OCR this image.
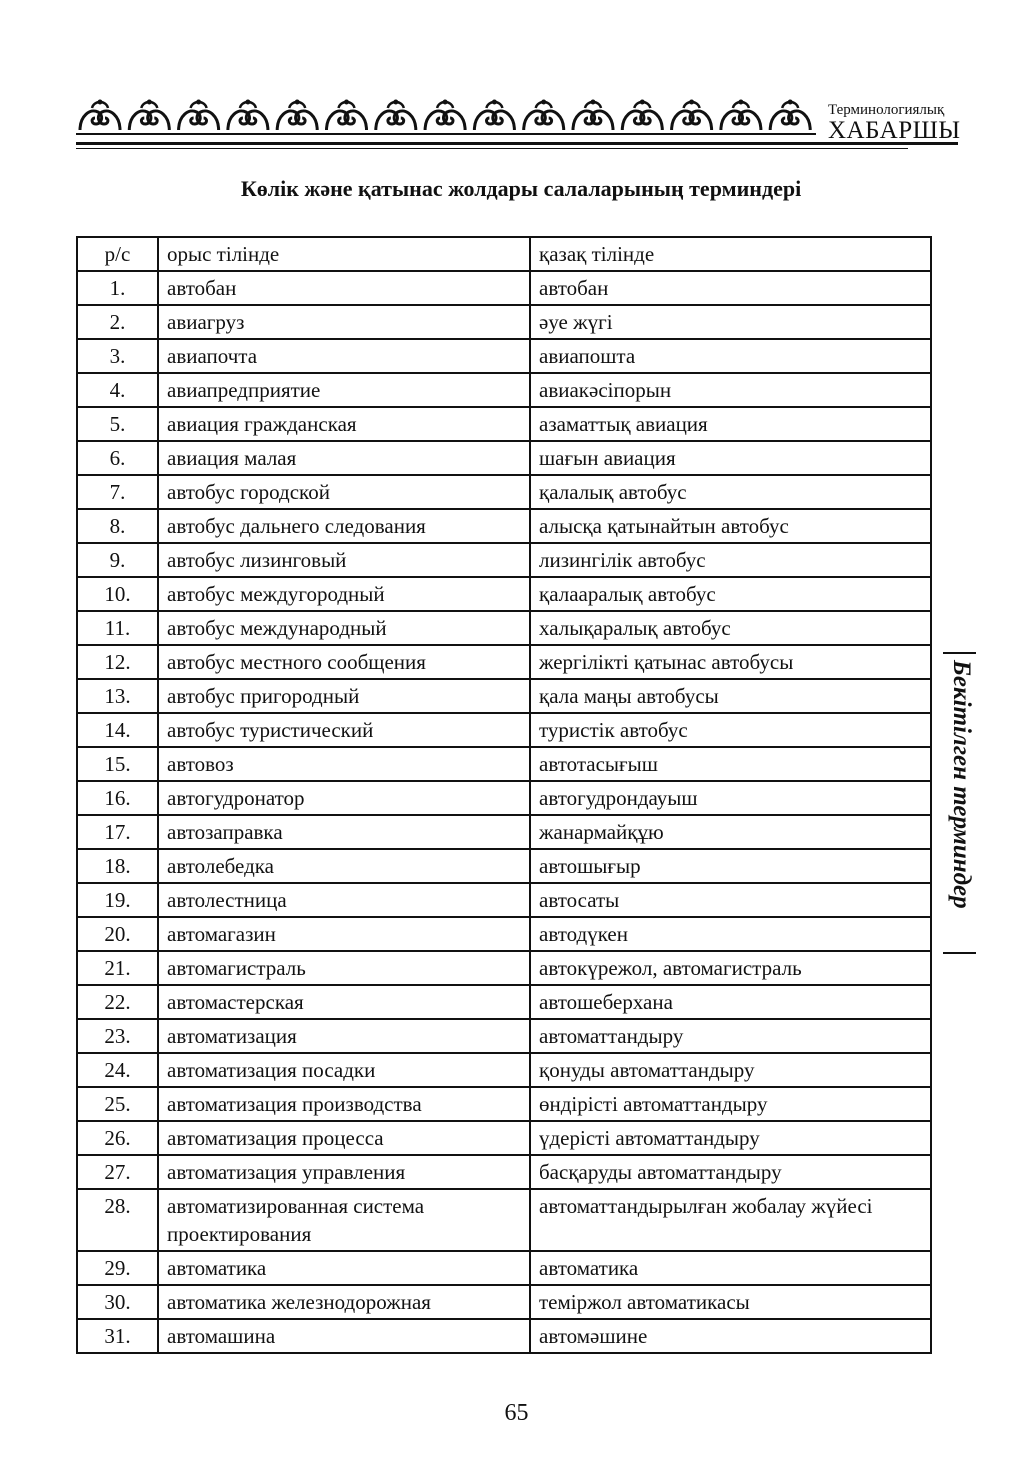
Терминологиялық
ХАБАРШЫ
Көлік және қатынас жолдары салаларының терминдері
р/с	орыс тілінде	қазақ тілінде
1.	автобан	автобан
2.	авиагруз	әуе жүгі
3.	авиапочта	авиапошта
4.	авиапредприятие	авиакәсіпорын
5.	авиация гражданская	азаматтық авиация
6.	авиация малая	шағын авиация
7.	автобус городской	қалалық автобус
8.	автобус дальнего следования	алысқа қатынайтын автобус
9.	автобус лизинговый	лизингілік автобус
10.	автобус междугородный	қалааралық автобус
11.	автобус международный	халықаралық автобус
12.	автобус местного сообщения	жергілікті қатынас автобусы
13.	автобус пригородный	қала маңы автобусы
14.	автобус туристический	туристік автобус
15.	автовоз	автотасығыш
16.	автогудронатор	автогудрондауыш
17.	автозаправка	жанармайқұю
18.	автолебедка	автошығыр
19.	автолестница	автосаты
20.	автомагазин	автодүкен
21.	автомагистраль	автокүрежол, автомагистраль
22.	автомастерская	автошеберхана
23.	автоматизация	автоматтандыру
24.	автоматизация посадки	қонуды автоматтандыру
25.	автоматизация производства	өндірісті автоматтандыру
26.	автоматизация процесса	үдерісті автоматтандыру
27.	автоматизация управления	басқаруды автоматтандыру
28.	автоматизированная система проектирования	автоматтандырылған жобалау жүйесі
29.	автоматика	автоматика
30.	автоматика железнодорожная	теміржол автоматикасы
31.	автомашина	автомәшине
Бекітілген терминдер
65
